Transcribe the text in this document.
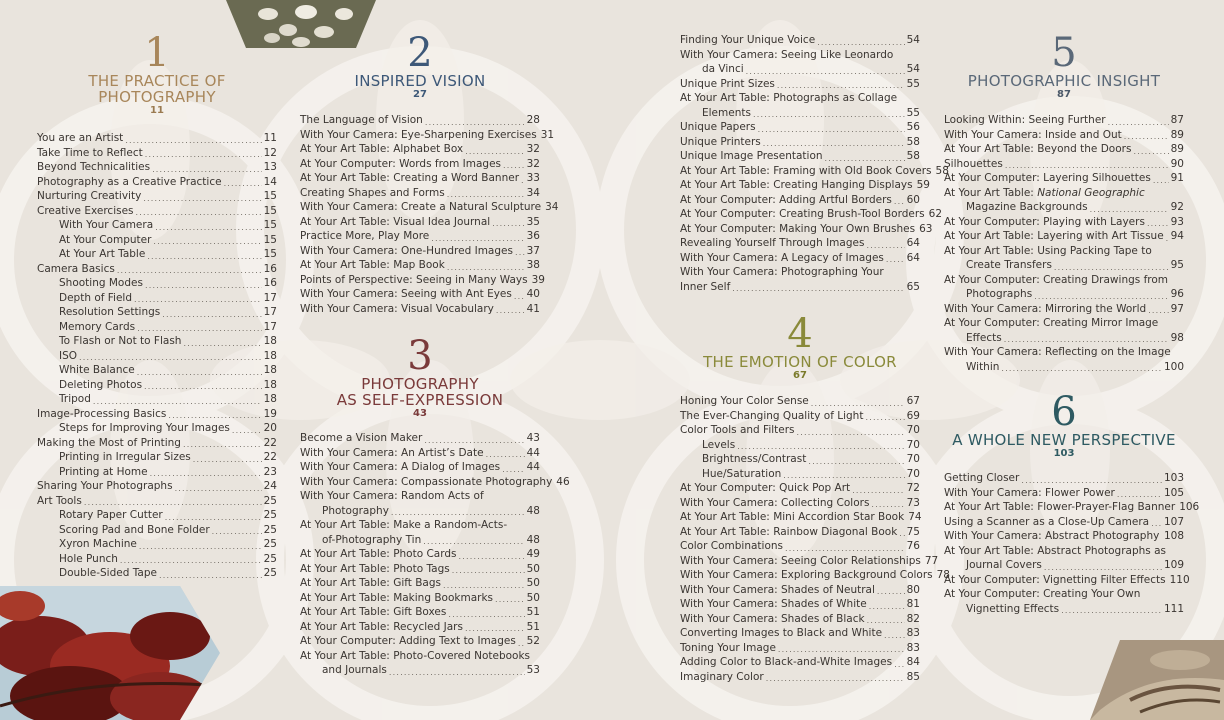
1
THE PRACTICE OF PHOTOGRAPHY
11
You are an Artist .....	11
Take Time to Reflect .....	12
Beyond Technicalities .....	13
Photography as a Creative Practice .....	14
Nurturing Creativity .....	15
Creative Exercises .....	15
With Your Camera .....	15
At Your Computer .....	15
At Your Art Table .....	15
Camera Basics .....	16
Shooting Modes .....	16
Depth of Field .....	17
Resolution Settings .....	17
Memory Cards .....	17
To Flash or Not to Flash .....	18
ISO .....	18
White Balance .....	18
Deleting Photos .....	18
Tripod .....	18
Image-Processing Basics .....	19
Steps for Improving Your Images .....	20
Making the Most of Printing .....	22
Printing in Irregular Sizes .....	22
Printing at Home .....	23
Sharing Your Photographs .....	24
Art Tools .....	25
Rotary Paper Cutter .....	25
Scoring Pad and Bone Folder .....	25
Xyron Machine .....	25
Hole Punch .....	25
Double-Sided Tape .....	25
2
INSPIRED VISION
27
The Language of Vision .....	28
With Your Camera: Eye-Sharpening Exercises 31
At Your Art Table: Alphabet Box .....	32
At Your Computer: Words from Images ..... 32
At Your Art Table: Creating a Word Banner ..... 33
Creating Shapes and Forms .....	34
With Your Camera: Create a Natural Sculpture 34
At Your Art Table: Visual Idea Journal .....	35
Practice More, Play More .....	36
With Your Camera: One-Hundred Images ..... 37
At Your Art Table: Map Book .....	38
Points of Perspective: Seeing in Many Ways 39
With Your Camera: Seeing with Ant Eyes ..... 40
With Your Camera: Visual Vocabulary .....	41
3
PHOTOGRAPHY
AS SELF-EXPRESSION
43
Become a Vision Maker .....	43
With Your Camera: An Artist’s Date .....	44
With Your Camera: A Dialog of Images .....	44
With Your Camera: Compassionate Photography 46
With Your Camera: Random Acts of
Photography .....	48
At Your Art Table: Make a Random-Acts-
of-Photography Tin .....	48
At Your Art Table: Photo Cards .....	49
At Your Art Table: Photo Tags .....	50
At Your Art Table: Gift Bags .....	50
At Your Art Table: Making Bookmarks .....	50
At Your Art Table: Gift Boxes .....	51
At Your Art Table: Recycled Jars .....	51
At Your Computer: Adding Text to Images ..... 52
At Your Art Table: Photo-Covered Notebooks
and Journals .....	53
Finding Your Unique Voice .....	54
With Your Camera: Seeing Like Leonardo
da Vinci .....	54
Unique Print Sizes .....	55
At Your Art Table: Photographs as Collage
Elements .....	55
Unique Papers .....	56
Unique Printers .....	58
Unique Image Presentation .....	58
At Your Art Table: Framing with Old Book Covers 58
At Your Art Table: Creating Hanging Displays 59
At Your Computer: Adding Artful Borders ..... 60
At Your Computer: Creating Brush-Tool Borders 62
At Your Computer: Making Your Own Brushes 63
Revealing Yourself Through Images .....	64
With Your Camera: A Legacy of Images ..... 64
With Your Camera: Photographing Your
Inner Self .....	65
4
THE EMOTION OF COLOR
67
Honing Your Color Sense .....	67
The Ever-Changing Quality of Light .....	69
Color Tools and Filters .....	70
Levels .....	70
Brightness/Contrast .....	70
Hue/Saturation .....	70
At Your Computer: Quick Pop Art .....	72
With Your Camera: Collecting Colors .....	73
At Your Art Table: Mini Accordion Star Book 74
At Your Art Table: Rainbow Diagonal Book ..... 75
Color Combinations .....	76
With Your Camera: Seeing Color Relationships 77
With Your Camera: Exploring Background Colors 78
With Your Camera: Shades of Neutral .....	80
With Your Camera: Shades of White .....	81
With Your Camera: Shades of Black .....	82
Converting Images to Black and White ..... 83
Toning Your Image .....	83
Adding Color to Black-and-White Images ..... 84
Imaginary Color .....	85
5
PHOTOGRAPHIC INSIGHT
87
Looking Within: Seeing Further .....	87
With Your Camera: Inside and Out .....	89
At Your Art Table: Beyond the Doors .....	89
Silhouettes .....	90
At Your Computer: Layering Silhouettes ..... 91
At Your Art Table: National Geographic
Magazine Backgrounds .....	92
At Your Computer: Playing with Layers ..... 93
At Your Art Table: Layering with Art Tissue ..... 94
At Your Art Table: Using Packing Tape to
Create Transfers .....	95
At Your Computer: Creating Drawings from
Photographs .....	96
With Your Camera: Mirroring the World ..... 97
At Your Computer: Creating Mirror Image
Effects .....	98
With Your Camera: Reflecting on the Image
Within .....	100
6
A WHOLE NEW PERSPECTIVE
103
Getting Closer .....	103
With Your Camera: Flower Power .....	105
At Your Art Table: Flower-Prayer-Flag Banner 106
Using a Scanner as a Close-Up Camera ..... 107
With Your Camera: Abstract Photography ..... 108
At Your Art Table: Abstract Photographs as
Journal Covers .....	109
At Your Computer: Vignetting Filter Effects 110
At Your Computer: Creating Your Own
Vignetting Effects .....	111
